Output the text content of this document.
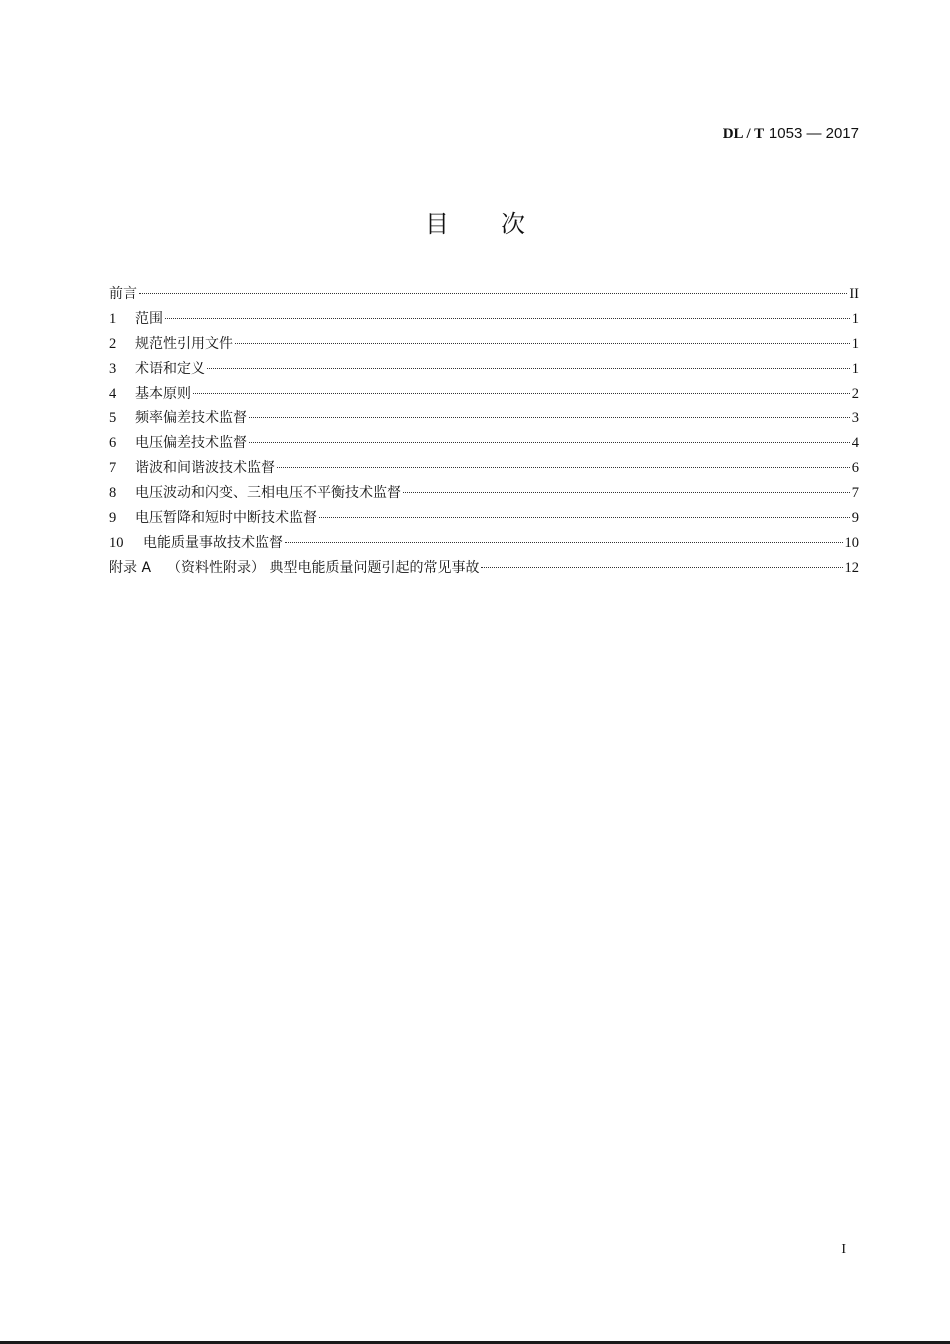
DL / T 1053 — 2017
目次
前言	II
1	范围	1
2	规范性引用文件	1
3	术语和定义	1
4	基本原则	2
5	频率偏差技术监督	3
6	电压偏差技术监督	4
7	谐波和间谐波技术监督	6
8	电压波动和闪变、三相电压不平衡技术监督	7
9	电压暂降和短时中断技术监督	9
10	电能质量事故技术监督	10
附录 A （资料性附录） 典型电能质量问题引起的常见事故	12
I
